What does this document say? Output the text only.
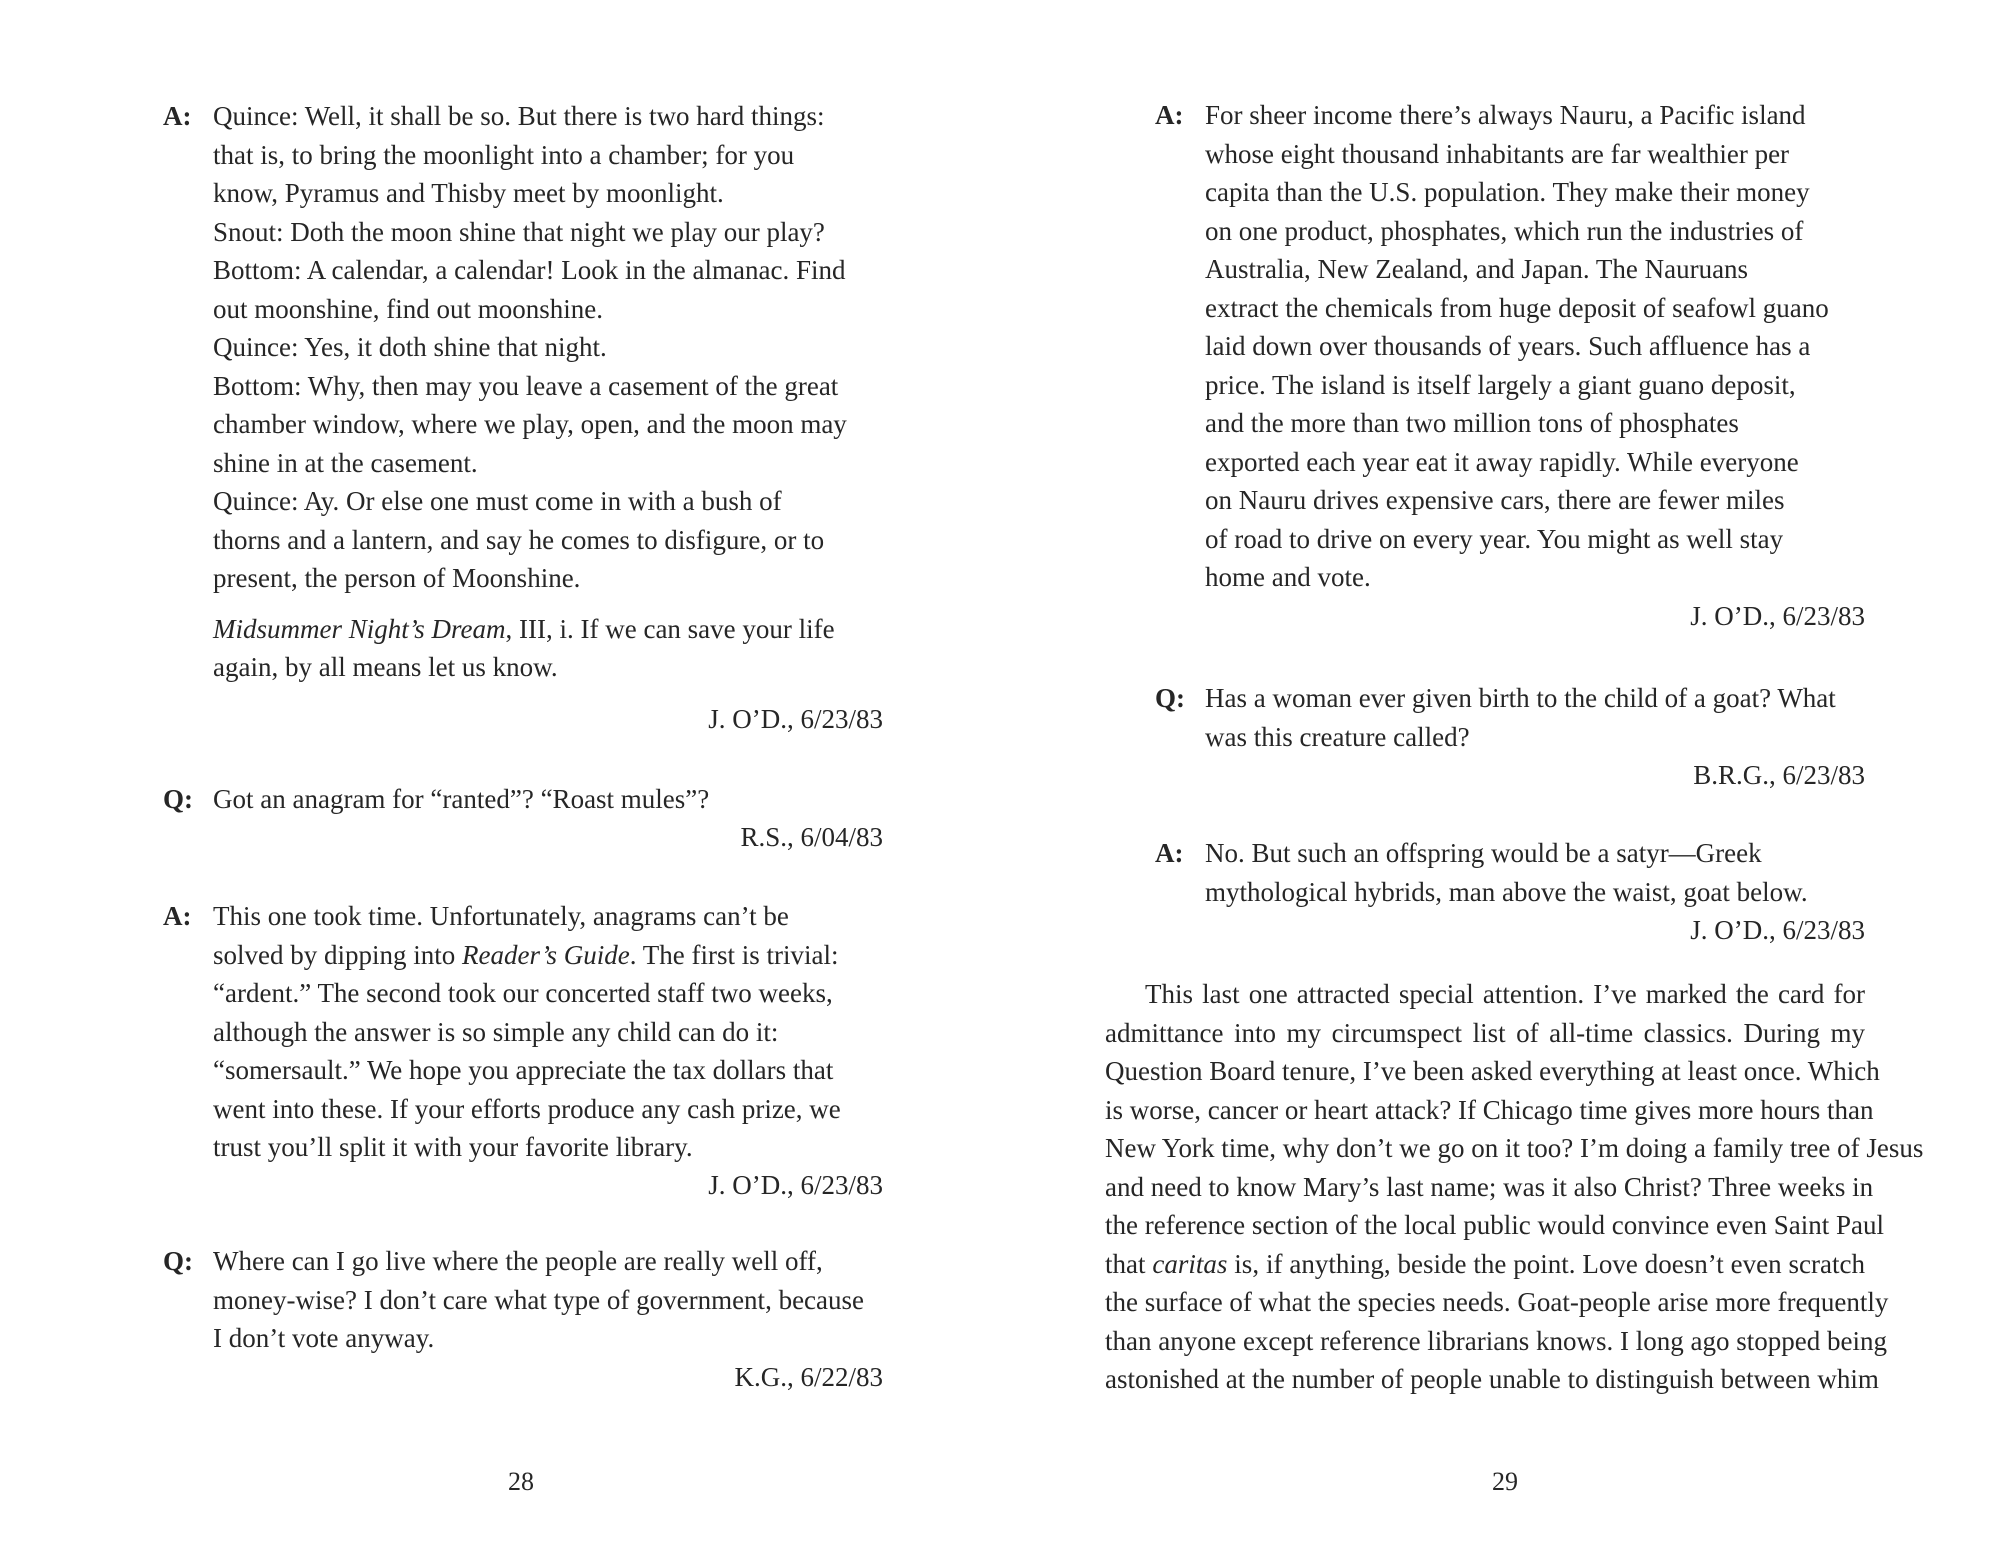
A: Quince: Well, it shall be so. But there is two hard things:
that is, to bring the moonlight into a chamber; for you
know, Pyramus and Thisby meet by moonlight.
Snout: Doth the moon shine that night we play our play?
Bottom: A calendar, a calendar! Look in the almanac. Find
out moonshine, find out moonshine.
Quince: Yes, it doth shine that night.
Bottom: Why, then may you leave a casement of the great
chamber window, where we play, open, and the moon may
shine in at the casement.
Quince: Ay. Or else one must come in with a bush of
thorns and a lantern, and say he comes to disfigure, or to
present, the person of Moonshine.
Midsummer Night’s Dream, III, i. If we can save your life
again, by all means let us know.
J. O’D., 6/23/83
Q: Got an anagram for “ranted”? “Roast mules”?
R.S., 6/04/83
A: This one took time. Unfortunately, anagrams can’t be
solved by dipping into Reader’s Guide. The first is trivial:
“ardent.” The second took our concerted staff two weeks,
although the answer is so simple any child can do it:
“somersault.” We hope you appreciate the tax dollars that
went into these. If your efforts produce any cash prize, we
trust you’ll split it with your favorite library.
J. O’D., 6/23/83
Q: Where can I go live where the people are really well off,
money-wise? I don’t care what type of government, because
I don’t vote anyway.
K.G., 6/22/83
28
A: For sheer income there’s always Nauru, a Pacific island
whose eight thousand inhabitants are far wealthier per
capita than the U.S. population. They make their money
on one product, phosphates, which run the industries of
Australia, New Zealand, and Japan. The Nauruans
extract the chemicals from huge deposit of seafowl guano
laid down over thousands of years. Such affluence has a
price. The island is itself largely a giant guano deposit,
and the more than two million tons of phosphates
exported each year eat it away rapidly. While everyone
on Nauru drives expensive cars, there are fewer miles
of road to drive on every year. You might as well stay
home and vote.
J. O’D., 6/23/83
Q: Has a woman ever given birth to the child of a goat? What
was this creature called?
B.R.G., 6/23/83
A: No. But such an offspring would be a satyr—Greek
mythological hybrids, man above the waist, goat below.
J. O’D., 6/23/83
This last one attracted special attention. I’ve marked the card for
admittance into my circumspect list of all-time classics. During my
Question Board tenure, I’ve been asked everything at least once. Which
is worse, cancer or heart attack? If Chicago time gives more hours than
New York time, why don’t we go on it too? I’m doing a family tree of Jesus
and need to know Mary’s last name; was it also Christ? Three weeks in
the reference section of the local public would convince even Saint Paul
that caritas is, if anything, beside the point. Love doesn’t even scratch
the surface of what the species needs. Goat-people arise more frequently
than anyone except reference librarians knows. I long ago stopped being
astonished at the number of people unable to distinguish between whim
29
